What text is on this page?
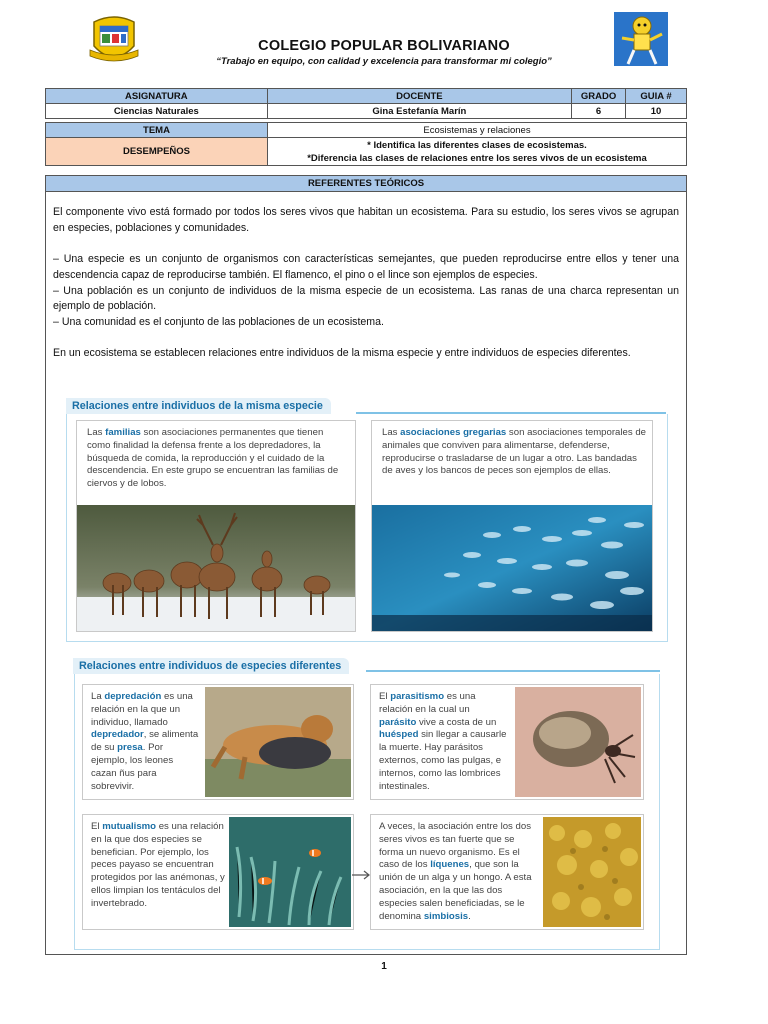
COLEGIO POPULAR BOLIVARIANO
“Trabajo en equipo, con calidad y excelencia para transformar mi colegio”
ASIGNATURA	DOCENTE	GRADO	GUIA #
Ciencias Naturales	Gina Estefanía Marín	6	10
TEMA	Ecosistemas y relaciones
DESEMPEÑOS	* Identifica las diferentes clases de ecosistemas.
*Diferencia las clases de relaciones entre los seres vivos de un ecosistema
REFERENTES TEÓRICOS
El componente vivo está formado por todos los seres vivos que habitan un ecosistema. Para su estudio, los seres vivos se agrupan en especies, poblaciones y comunidades.
– Una especie es un conjunto de organismos con características semejantes, que pueden reproducirse entre ellos y tener una descendencia capaz de reproducirse también. El flamenco, el pino o el lince son ejemplos de especies.
– Una población es un conjunto de individuos de la misma especie de un ecosistema. Las ranas de una charca representan un ejemplo de población.
– Una comunidad es el conjunto de las poblaciones de un ecosistema.
En un ecosistema se establecen relaciones entre individuos de la misma especie y entre individuos de especies diferentes.
Relaciones entre individuos de la misma especie
Las familias son asociaciones permanentes que tienen como finalidad la defensa frente a los depredadores, la búsqueda de comida, la reproducción y el cuidado de la descendencia. En este grupo se encuentran las familias de ciervos y de lobos.
Las asociaciones gregarias son asociaciones temporales de animales que conviven para alimentarse, defenderse, reproducirse o trasladarse de un lugar a otro. Las bandadas de aves y los bancos de peces son ejemplos de ellas.
Relaciones entre individuos de especies diferentes
La depredación es una relación en la que un individuo, llamado depredador, se alimenta de su presa. Por ejemplo, los leones cazan ñus para sobrevivir.
El parasitismo es una relación en la cual un parásito vive a costa de un huésped sin llegar a causarle la muerte. Hay parásitos externos, como las pulgas, e internos, como las lombrices intestinales.
El mutualismo es una relación en la que dos especies se benefician. Por ejemplo, los peces payaso se encuentran protegidos por las anémonas, y ellos limpian los tentáculos del invertebrado.
A veces, la asociación entre los dos seres vivos es tan fuerte que se forma un nuevo organismo. Es el caso de los líquenes, que son la unión de un alga y un hongo. A esta asociación, en la que las dos especies salen beneficiadas, se le denomina simbiosis.
1
